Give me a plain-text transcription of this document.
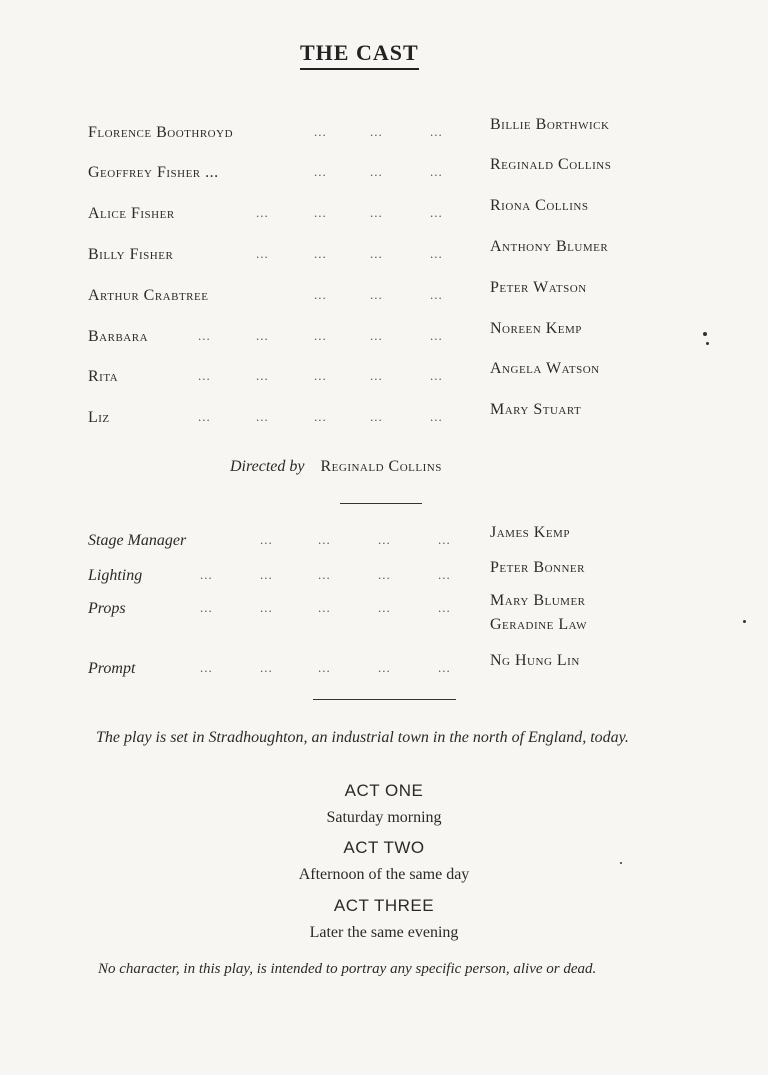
THE CAST
Florence Boothroyd	...	...	...	Billie Borthwick
Geoffrey Fisher ...	...	...	...	Reginald Collins
Alice Fisher	...	...	...	...	Riona Collins
Billy Fisher	...	...	...	...	Anthony Blumer
Arthur Crabtree	...	...	...	Peter Watson
Barbara	...	...	...	...	...	Noreen Kemp
Rita	...	...	...	...	...	Angela Watson
Liz	...	...	...	...	...	Mary Stuart
Directed by Reginald Collins
Stage Manager	...	...	...	... James Kemp
Lighting	...	...	...	...	... Peter Bonner
Props	...	...	...	...	... Mary Blumer
Geradine Law
Prompt	...	...	...	...	... Ng Hung Lin
The play is set in Stradhoughton, an industrial town in the north of England, today.
ACT ONE
Saturday morning
ACT TWO
Afternoon of the same day
ACT THREE
Later the same evening
No character, in this play, is intended to portray any specific person, alive or dead.
